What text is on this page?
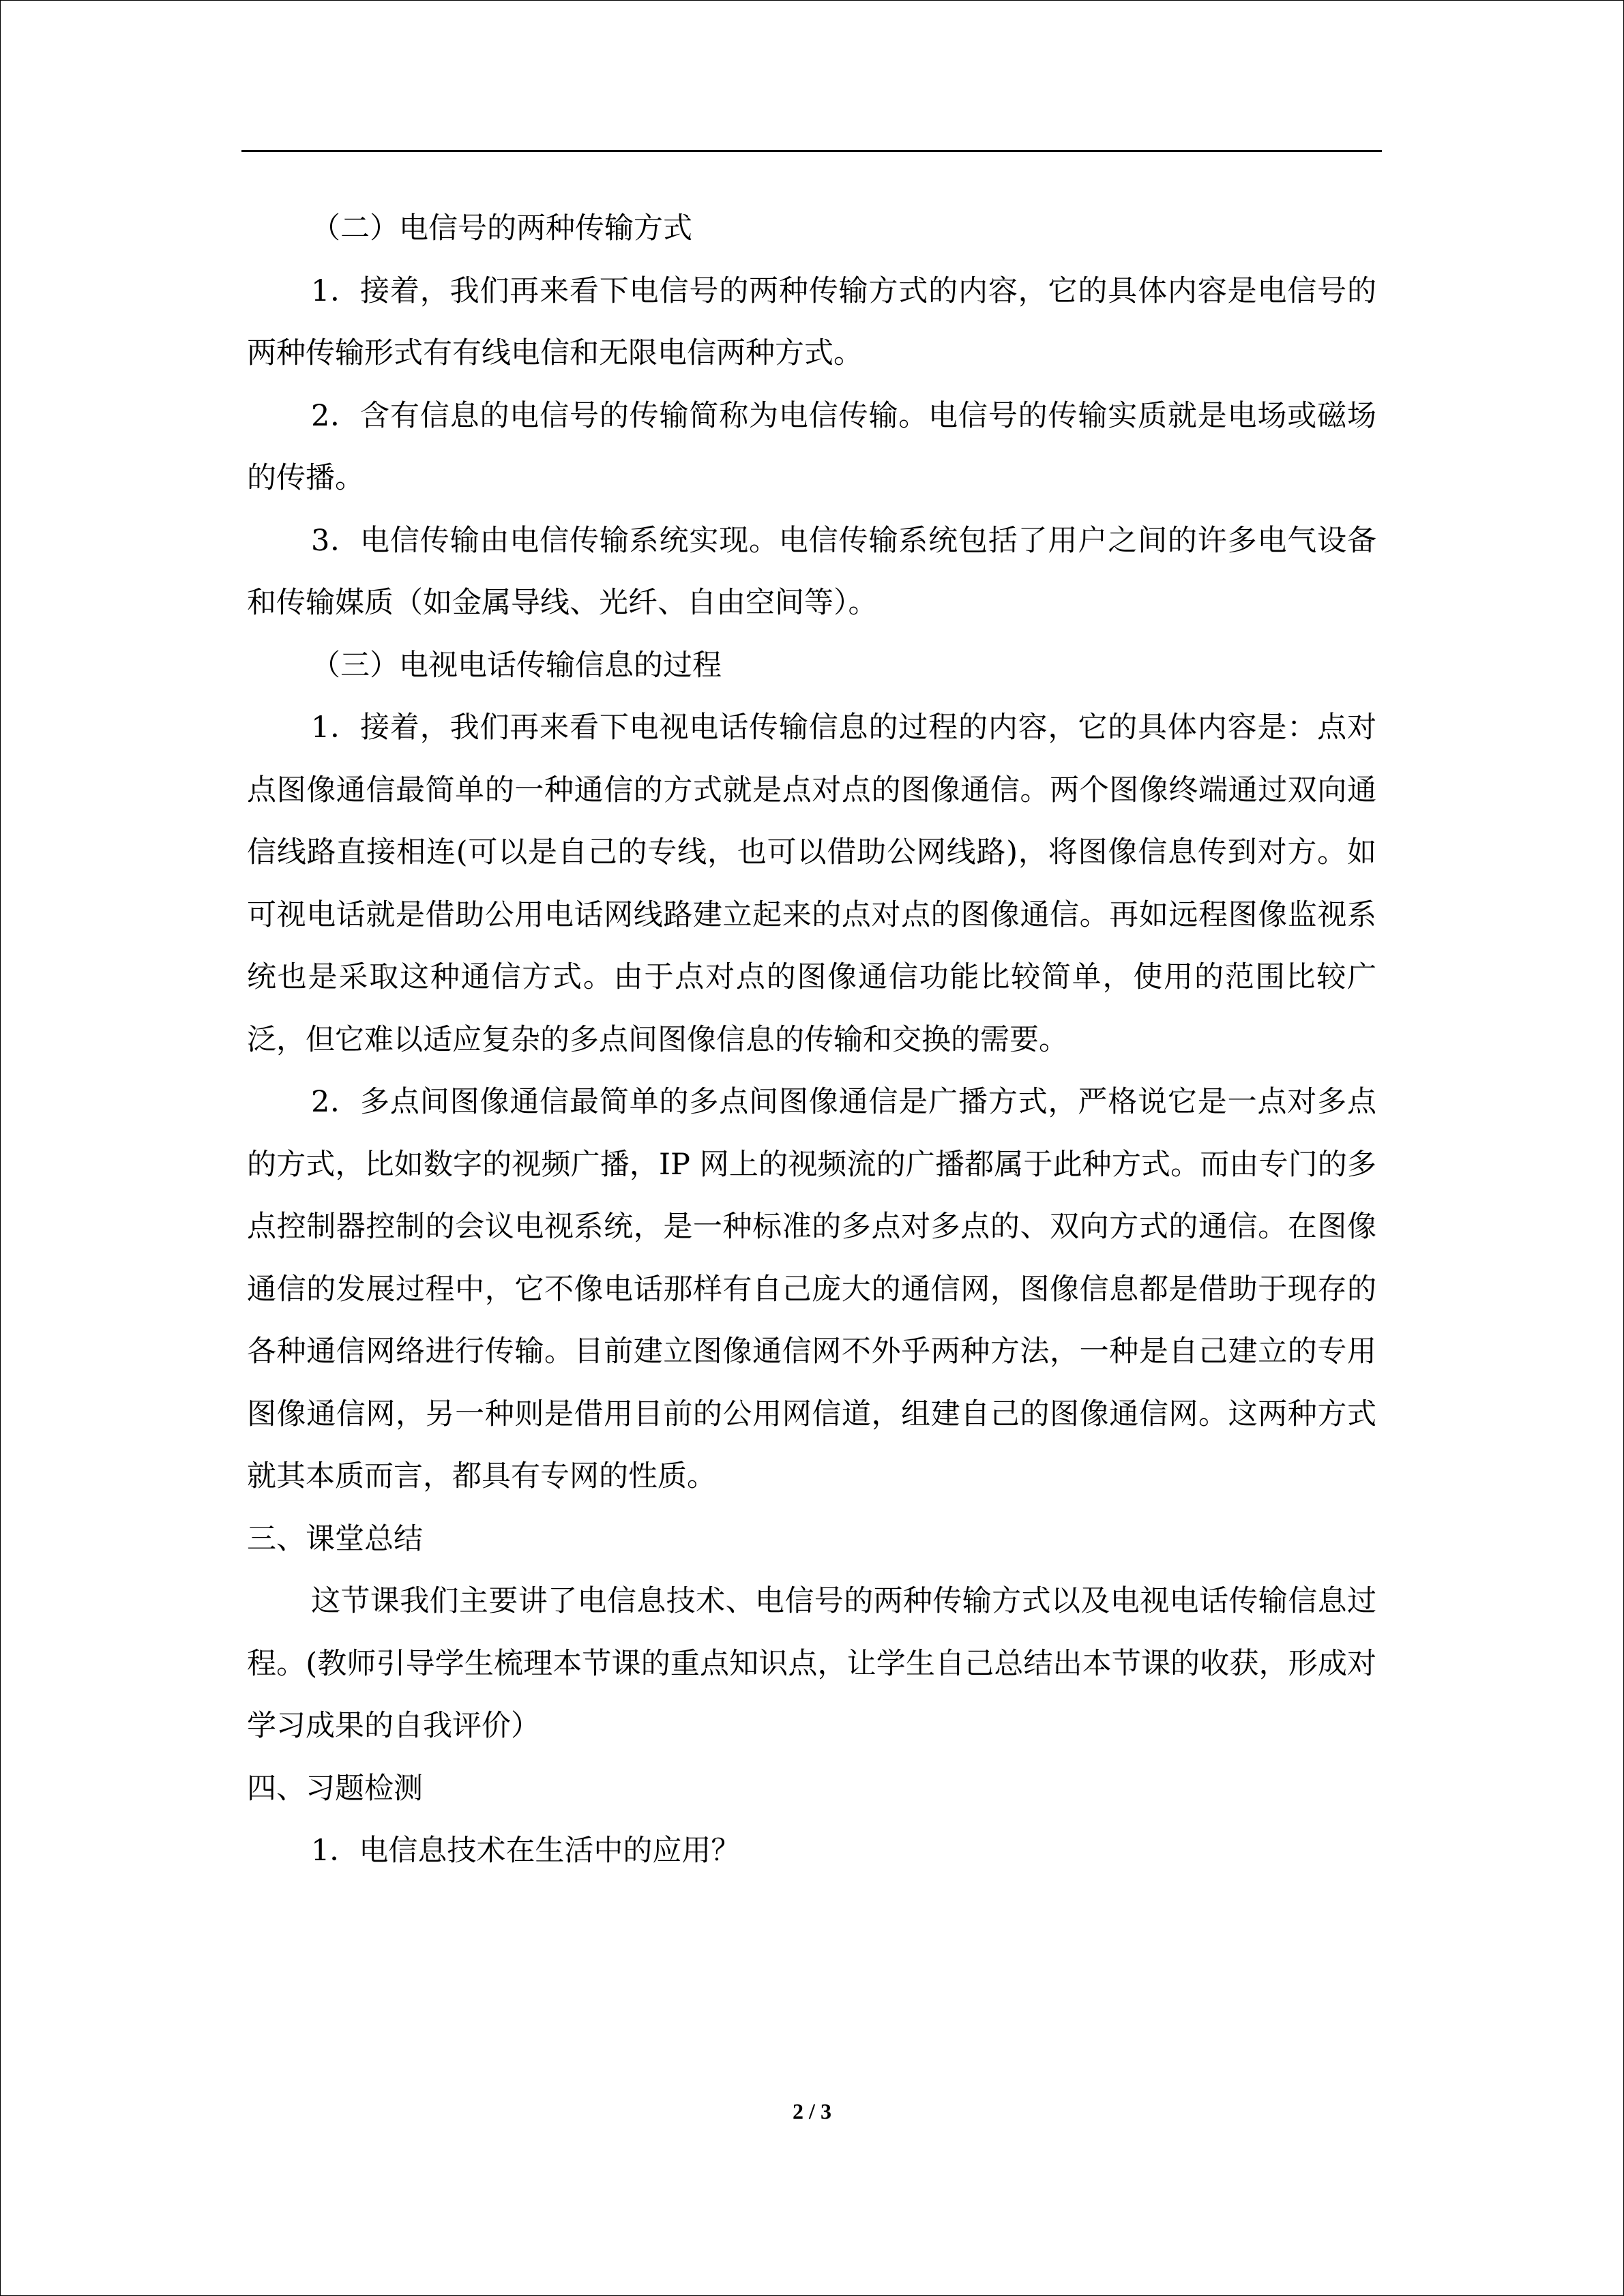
（二）电信号的两种传输方式

1．接着，我们再来看下电信号的两种传输方式的内容，它的具体内容是电信号的两种传输形式有有线电信和无限电信两种方式。

2．含有信息的电信号的传输简称为电信传输。电信号的传输实质就是电场或磁场的传播。

3．电信传输由电信传输系统实现。电信传输系统包括了用户之间的许多电气设备和传输媒质（如金属导线、光纤、自由空间等）。

（三）电视电话传输信息的过程

1．接着，我们再来看下电视电话传输信息的过程的内容，它的具体内容是：点对点图像通信最简单的一种通信的方式就是点对点的图像通信。两个图像终端通过双向通信线路直接相连(可以是自己的专线，也可以借助公网线路)，将图像信息传到对方。如可视电话就是借助公用电话网线路建立起来的点对点的图像通信。再如远程图像监视系统也是采取这种通信方式。由于点对点的图像通信功能比较简单，使用的范围比较广泛，但它难以适应复杂的多点间图像信息的传输和交换的需要。

2．多点间图像通信最简单的多点间图像通信是广播方式，严格说它是一点对多点的方式，比如数字的视频广播，IP 网上的视频流的广播都属于此种方式。而由专门的多点控制器控制的会议电视系统，是一种标准的多点对多点的、双向方式的通信。在图像通信的发展过程中，它不像电话那样有自己庞大的通信网，图像信息都是借助于现存的各种通信网络进行传输。目前建立图像通信网不外乎两种方法，一种是自己建立的专用图像通信网，另一种则是借用目前的公用网信道，组建自己的图像通信网。这两种方式就其本质而言，都具有专网的性质。

三、课堂总结

这节课我们主要讲了电信息技术、电信号的两种传输方式以及电视电话传输信息过程。(教师引导学生梳理本节课的重点知识点，让学生自己总结出本节课的收获，形成对学习成果的自我评价）

四、习题检测

1．电信息技术在生活中的应用？

2 / 3
